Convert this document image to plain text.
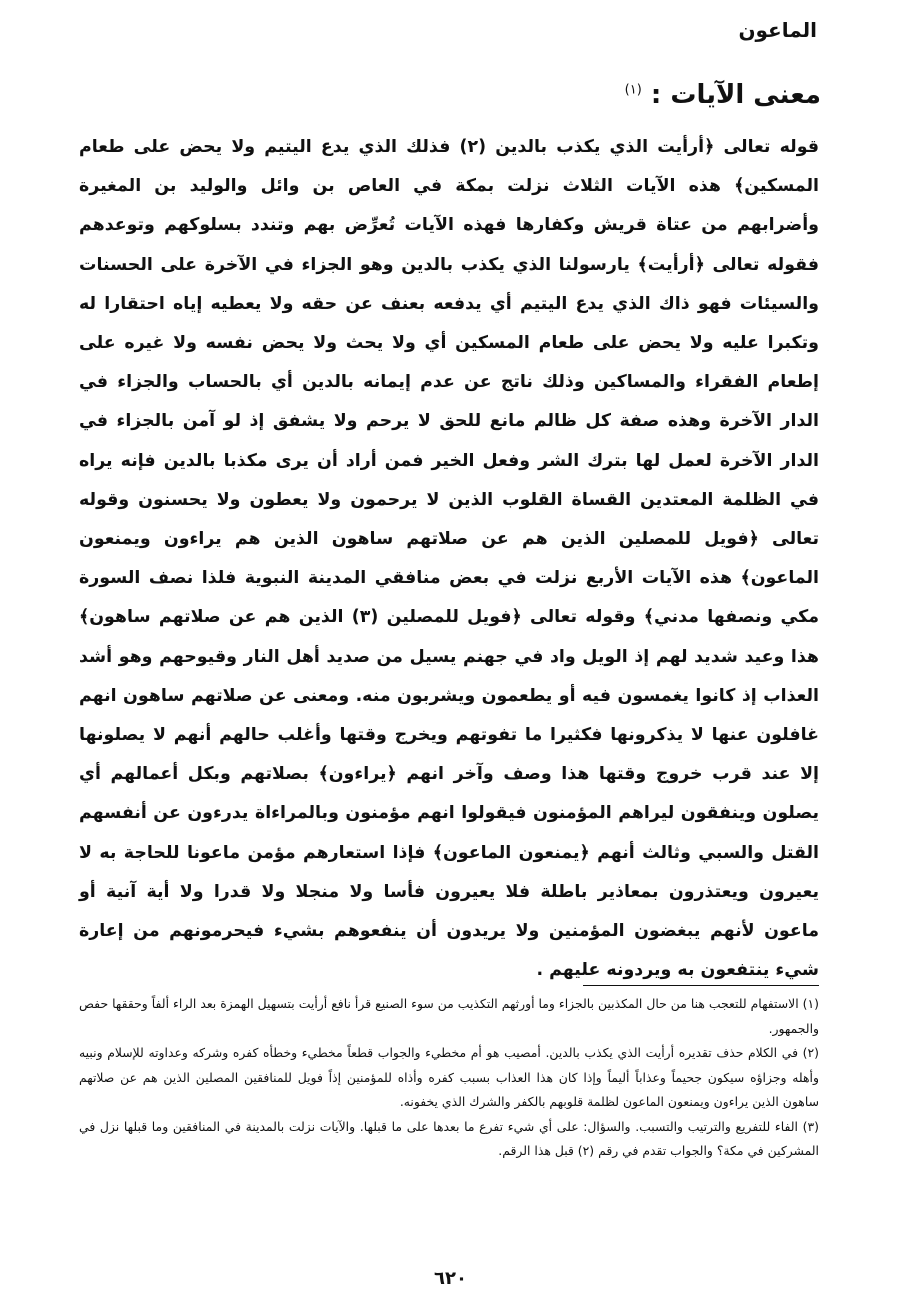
الماعون
معنى الآيات : $^{(١)}$

قوله تعالى ﴿أرأيت الذي يكذب بالدين (٢) فذلك الذي يدع اليتيم ولا يحض على طعام المسكين﴾ هذه الآيات الثلاث نزلت بمكة في العاص بن وائل والوليد بن المغيرة وأضرابهم من عتاة قريش وكفارها فهذه الآيات تُعرِّض بهم وتندد بسلوكهم وتوعدهم فقوله تعالى ﴿أرأيت﴾ يارسولنا الذي يكذب بالدين وهو الجزاء في الآخرة على الحسنات والسيئات فهو ذاك الذي يدع اليتيم أي يدفعه بعنف عن حقه ولا يعطيه إياه احتقارا له وتكبرا عليه ولا يحض على طعام المسكين أي ولا يحث ولا يحض نفسه ولا غيره على إطعام الفقراء والمساكين وذلك ناتج عن عدم إيمانه بالدين أي بالحساب والجزاء في الدار الآخرة وهذه صفة كل ظالم مانع للحق لا يرحم ولا يشفق إذ لو آمن بالجزاء في الدار الآخرة لعمل لها بترك الشر وفعل الخير فمن أراد أن يرى مكذبا بالدين فإنه يراه في الظلمة المعتدين القساة القلوب الذين لا يرحمون ولا يعطون ولا يحسنون وقوله تعالى ﴿فويل للمصلين الذين هم عن صلاتهم ساهون الذين هم يراءون ويمنعون الماعون﴾ هذه الآيات الأربع نزلت في بعض منافقي المدينة النبوية فلذا نصف السورة مكي ونصفها مدني﴾ وقوله تعالى ﴿فويل للمصلين (٣) الذين هم عن صلاتهم ساهون﴾ هذا وعيد شديد لهم إذ الويل واد في جهنم يسيل من صديد أهل النار وقيوحهم وهو أشد العذاب إذ كانوا يغمسون فيه أو يطعمون ويشربون منه. ومعنى عن صلاتهم ساهون انهم غافلون عنها لا يذكرونها فكثيرا ما تفوتهم ويخرج وقتها وأغلب حالهم أنهم لا يصلونها إلا عند قرب خروج وقتها هذا وصف وآخر انهم ﴿يراءون﴾ بصلاتهم وبكل أعمالهم أي يصلون وينفقون ليراهم المؤمنون فيقولوا انهم مؤمنون وبالمراءاة يدرءون عن أنفسهم القتل والسبي وثالث أنهم ﴿يمنعون الماعون﴾ فإذا استعارهم مؤمن ماعونا للحاجة به لا يعيرون ويعتذرون بمعاذير باطلة فلا يعيرون فأسا ولا منجلا ولا قدرا ولا أية آنية أو ماعون لأنهم يبغضون المؤمنين ولا يريدون أن ينفعوهم بشيء فيحرمونهم من إعارة شيء ينتفعون به ويردونه عليهم .

(١) الاستفهام للتعجب هنا من حال المكذبين بالجزاء وما أورثهم التكذيب من سوء الصنيع قرأ نافع أرأيت بتسهيل الهمزة بعد الراء ألفاً وحققها حفص والجمهور.

(٢) في الكلام حذف تقديره أرأيت الذي يكذب بالدين. أمصيب هو أم مخطيء والجواب قطعاً مخطيء وخطأه كفره وشركه وعداوته للإسلام ونبيه وأهله وجزاؤه سيكون جحيماً وعذاباً أليماً وإذا كان هذا العذاب بسبب كفره وأذاه للمؤمنين إذاً فويل للمنافقين المصلين الذين هم عن صلاتهم ساهون الذين يراءون ويمنعون الماعون لظلمة قلوبهم بالكفر والشرك الذي يخفونه.

(٣) الفاء للتفريع والترتيب والتسبب. والسؤال: على أي شيء تفرع ما بعدها على ما قبلها. والآيات نزلت بالمدينة في المنافقين وما قبلها نزل في المشركين في مكة؟ والجواب تقدم في رقم (٢) قبل هذا الرقم.

٦٢٠
